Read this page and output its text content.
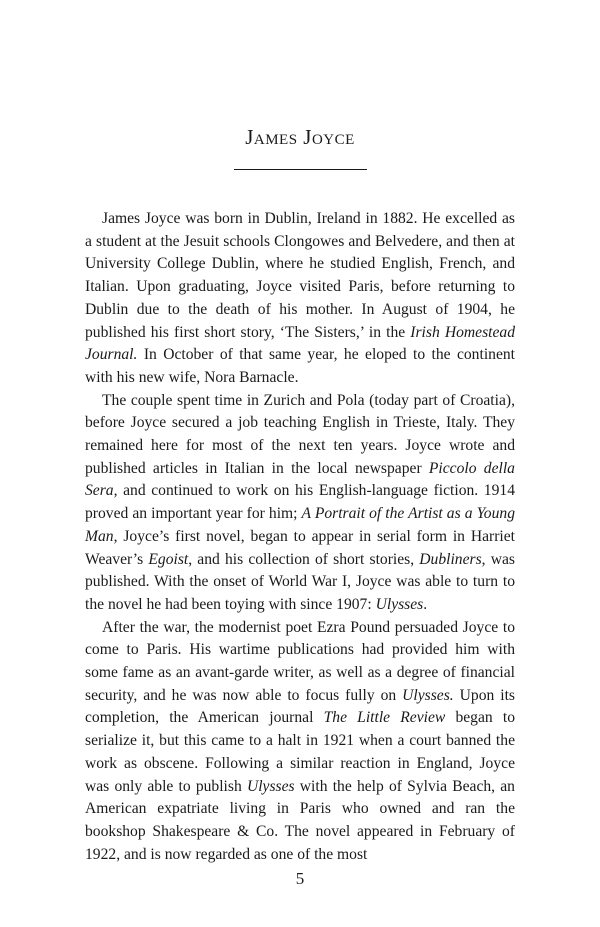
James Joyce

James Joyce was born in Dublin, Ireland in 1882. He excelled as a student at the Jesuit schools Clongowes and Belvedere, and then at University College Dublin, where he studied English, French, and Italian. Upon graduating, Joyce visited Paris, before returning to Dublin due to the death of his mother. In August of 1904, he published his first short story, ‘The Sisters,’ in the Irish Homestead Journal. In October of that same year, he eloped to the continent with his new wife, Nora Barnacle.

The couple spent time in Zurich and Pola (today part of Croatia), before Joyce secured a job teaching English in Trieste, Italy. They remained here for most of the next ten years. Joyce wrote and published articles in Italian in the local newspaper Piccolo della Sera, and continued to work on his English-language fiction. 1914 proved an important year for him; A Portrait of the Artist as a Young Man, Joyce’s first novel, began to appear in serial form in Harriet Weaver’s Egoist, and his collection of short stories, Dubliners, was published. With the onset of World War I, Joyce was able to turn to the novel he had been toying with since 1907: Ulysses.

After the war, the modernist poet Ezra Pound persuaded Joyce to come to Paris. His wartime publications had provided him with some fame as an avant-garde writer, as well as a degree of financial security, and he was now able to focus fully on Ulysses. Upon its completion, the American journal The Little Review began to serialize it, but this came to a halt in 1921 when a court banned the work as obscene. Following a similar reaction in England, Joyce was only able to publish Ulysses with the help of Sylvia Beach, an American expatriate living in Paris who owned and ran the bookshop Shakespeare & Co. The novel appeared in February of 1922, and is now regarded as one of the most

5
